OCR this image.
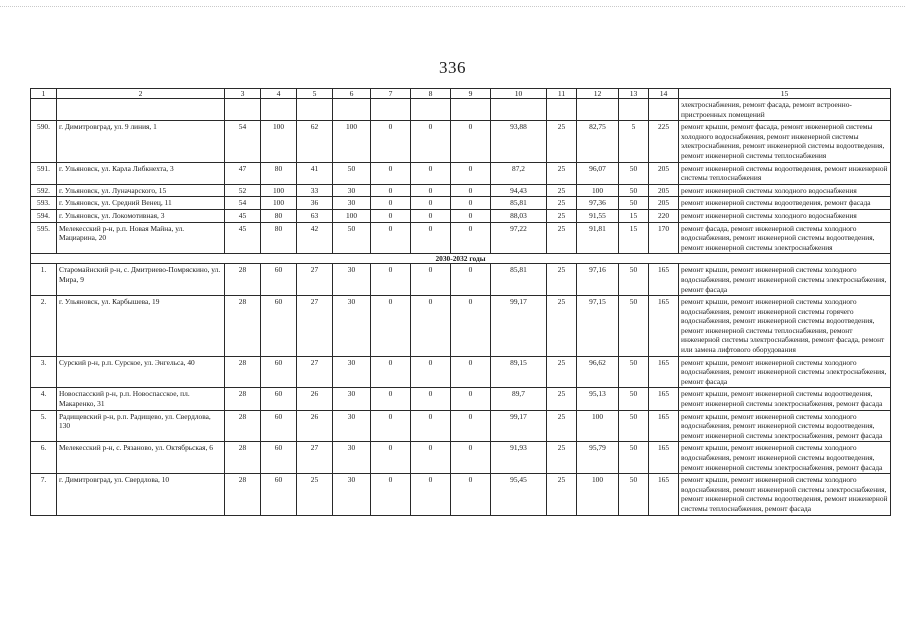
336
1	2	3	4	5	6	7	8	9	10	11	12	13	14	15
														электроснабжения, ремонт фасада, ремонт встроенно-пристроенных помещений
590.	г. Димитровград, ул. 9 линия, 1	54	100	62	100	0	0	0	93,88	25	82,75	5	225	ремонт крыши, ремонт фасада, ремонт инженерной системы холодного водоснабжения, ремонт инженерной системы электроснабжения, ремонт инженерной системы водоотведения, ремонт инженерной системы теплоснабжения
591.	г. Ульяновск, ул. Карла Либкнехта, 3	47	80	41	50	0	0	0	87,2	25	96,07	50	205	ремонт инженерной системы водоотведения, ремонт инженерной системы теплоснабжения
592.	г. Ульяновск, ул. Луначарского, 15	52	100	33	30	0	0	0	94,43	25	100	50	205	ремонт инженерной системы холодного водоснабжения
593.	г. Ульяновск, ул. Средний Венец, 11	54	100	36	30	0	0	0	85,81	25	97,36	50	205	ремонт инженерной системы водоотведения, ремонт фасада
594.	г. Ульяновск, ул. Локомотивная, 3	45	80	63	100	0	0	0	88,03	25	91,55	15	220	ремонт инженерной системы холодного водоснабжения
595.	Мелекесский р-н, р.п. Новая Майна, ул. Мациарина, 20	45	80	42	50	0	0	0	97,22	25	91,81	15	170	ремонт фасада, ремонт инженерной системы холодного водоснабжения, ремонт инженерной системы водоотведения, ремонт инженерной системы электроснабжения
2030-2032 годы														
1.	Старомайнский р-н, с. Дмитриево-Помряскино, ул. Мира, 9	28	60	27	30	0	0	0	85,81	25	97,16	50	165	ремонт крыши, ремонт инженерной системы холодного водоснабжения, ремонт инженерной системы электроснабжения, ремонт фасада
2.	г. Ульяновск, ул. Карбышева, 19	28	60	27	30	0	0	0	99,17	25	97,15	50	165	ремонт крыши, ремонт инженерной системы холодного водоснабжения, ремонт инженерной системы горячего водоснабжения, ремонт инженерной системы водоотведения, ремонт инженерной системы теплоснабжения, ремонт инженерной системы электроснабжения, ремонт фасада, ремонт или замена лифтового оборудования
3.	Сурский р-н, р.п. Сурское, ул. Энгельса, 40	28	60	27	30	0	0	0	89,15	25	96,62	50	165	ремонт крыши, ремонт инженерной системы холодного водоснабжения, ремонт инженерной системы электроснабжения, ремонт фасада
4.	Новоспасский р-н, р.п. Новоспасское, пл. Макаренко, 31	28	60	26	30	0	0	0	89,7	25	95,13	50	165	ремонт крыши, ремонт инженерной системы водоотведения, ремонт инженерной системы электроснабжения, ремонт фасада
5.	Радищевский р-н, р.п. Радищево, ул. Свердлова, 130	28	60	26	30	0	0	0	99,17	25	100	50	165	ремонт крыши, ремонт инженерной системы холодного водоснабжения, ремонт инженерной системы водоотведения, ремонт инженерной системы электроснабжения, ремонт фасада
6.	Мелекесский р-н, с. Рязаново, ул. Октябрьская, 6	28	60	27	30	0	0	0	91,93	25	95,79	50	165	ремонт крыши, ремонт инженерной системы холодного водоснабжения, ремонт инженерной системы водоотведения, ремонт инженерной системы электроснабжения, ремонт фасада
7.	г. Димитровград, ул. Свердлова, 10	28	60	25	30	0	0	0	95,45	25	100	50	165	ремонт крыши, ремонт инженерной системы холодного водоснабжения, ремонт инженерной системы электроснабжения, ремонт инженерной системы водоотведения, ремонт инженерной системы теплоснабжения, ремонт фасада
